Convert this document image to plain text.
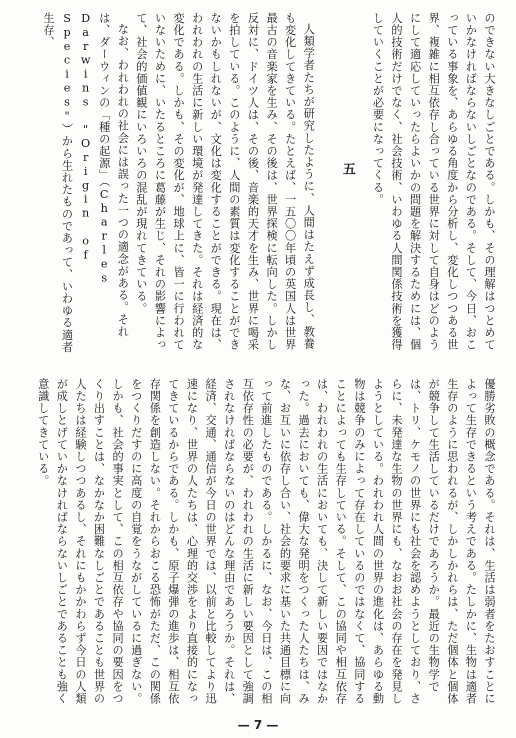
のできない大きなしごとである。しかも、その理解はつとめていかなければならないしごとなのである。そして、今日、おこっている事象を、あらゆる角度から分析し、変化しつつある世界、複雑に相互依存し合っている世界に対して自身はどのようにして適応していったらよいかの問題を解決するためには、個人的技術だけでなく、社会技術、いわゆる人間関係技術を獲得していくことが必要になってくる。

五

人類学者たちが研究したように、人間はたえず成長し、教養も変化してきている。たとえば、一五〇〇年頃の英国人は世界最古の音楽家を生み、その後は、世界探検に転向した。しかし反対に、ドイツ人は、その後、音楽的天才を生み、世界に喝采を拍している。このように、人間の素質は変化することができないかもしれないが、文化は変化することができる。現在は、われわれの生活に新しい環境が発達してきた。それは経済的な変化である。しかも、その変化が、地球上に、皆一に行われていないために、いたるところに葛藤が生じ、それの影響によって、社会的価値観にいろいろの混乱が現れてきている。

なお、われわれの社会には誤った一つの適念がある。それは、ダーウィンの「種の起源」（Charles Darwins "Origin of Species"）から生れたものであって、いわゆる適者生存、

優勝劣敗の概念である。それは、生活は弱者をたおすことによって生存できるという考えである。たしかに、生物は適者生存のように思われるが、しかしかれらは、ただ個体と個体が競争して生活しているだけであろうか。最近の生物学では、トリ、ケモノの世界にも社会を認めようとしており、さらに、未発達な生物の世界にも、なおお社会の存在を発見しようとしている。われわれ人間の世界の進化は、あらゆる動物は競争のみによって存在しているのではなくて、協同することによっても生存している。そして、この協同や相互依存は、われわれの生活においても、決して新しい要因ではなかった。過去においても、偉大な発明をつくった人たちは、みな、お互いに依存し合い、社会的要求に基いた共通目標に向って前進したものである。しかるに、なお、今日は、この相互依存性の必要が、われわれの生活に新しい要因として強調されなければならないのはどんな理由であろうか。それは、経済、交通、通信が今日の世界では、以前と比較してより迅速になり、世界の人たちは、心理的交渉をより直接的になってきているからである。しかも、原子爆弾の進歩は、相互依存関係を創造しない。それからおこる恐怖がただ、この関係をつくりだすのに高度の自覚をうながしているに過ぎない。しかも、社会的事実として、この相互依存や協同の要因をつくり出すことは、なかなか困難なしごとであることも世界の人たちは経験しつつあるし、それにもかかわらず今日の人類が成しとげていかなければならないしごとであることも強く意識してきている。

— 7 —
